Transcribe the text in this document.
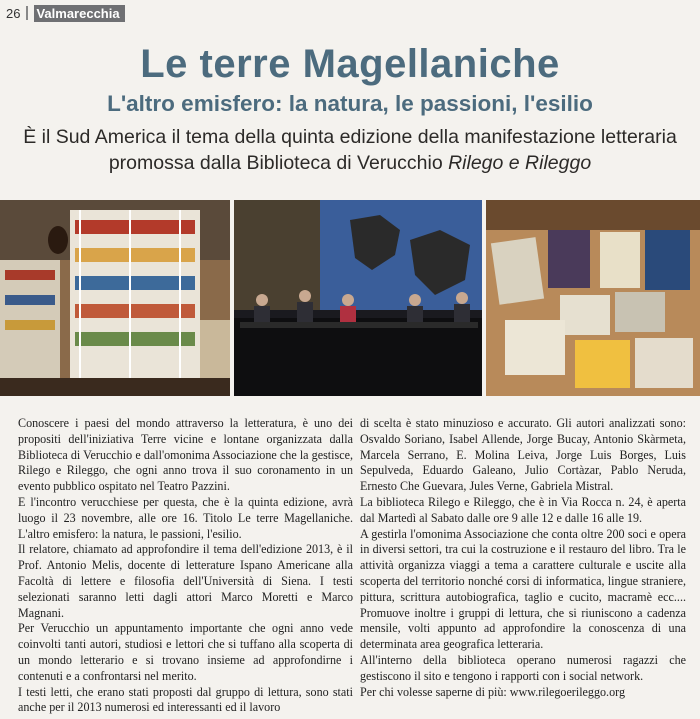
26 Valmarecchia
Le terre Magellaniche
L'altro emisfero: la natura, le passioni, l'esilio
È il Sud America il tema della quinta edizione della manifestazione letteraria promossa dalla Biblioteca di Verucchio Rilego e Rileggo

Conoscere i paesi del mondo attraverso la letteratura, è uno dei propositi dell'iniziativa Terre vicine e lontane organizzata dalla Biblioteca di Verucchio e dall'omonima Associazione che la gestisce, Rilego e Rileggo, che ogni anno trova il suo coronamento in un evento pubblico ospitato nel Teatro Pazzini.

E l'incontro verucchiese per questa, che è la quinta edizione, avrà luogo il 23 novembre, alle ore 16. Titolo Le terre Magellaniche. L'altro emisfero: la natura, le passioni, l'esilio.

Il relatore, chiamato ad approfondire il tema dell'edizione 2013, è il Prof. Antonio Melis, docente di letterature Ispano Americane alla Facoltà di lettere e filosofia dell'Università di Siena. I testi selezionati saranno letti dagli attori Marco Moretti e Marco Magnani.

Per Verucchio un appuntamento importante che ogni anno vede coinvolti tanti autori, studiosi e lettori che si tuffano alla scoperta di un mondo letterario e si trovano insieme ad approfondirne i contenuti e a confrontarsi nel merito.

I testi letti, che erano stati proposti dal gruppo di lettura, sono stati anche per il 2013 numerosi ed interessanti ed il lavoro

di scelta è stato minuzioso e accurato. Gli autori analizzati sono: Osvaldo Soriano, Isabel Allende, Jorge Bucay, Antonio Skàrmeta, Marcela Serrano, E. Molina Leiva, Jorge Luis Borges, Luis Sepulveda, Eduardo Galeano, Julio Cortàzar, Pablo Neruda, Ernesto Che Guevara, Jules Verne, Gabriela Mistral.

La biblioteca Rilego e Rileggo, che è in Via Rocca n. 24, è aperta dal Martedì al Sabato dalle ore 9 alle 12 e dalle 16 alle 19.

A gestirla l'omonima Associazione che conta oltre 200 soci e opera in diversi settori, tra cui la costruzione e il restauro del libro. Tra le attività organizza viaggi a tema a carattere culturale e uscite alla scoperta del territorio nonché corsi di informatica, lingue straniere, pittura, scrittura autobiografica, taglio e cucito, macramè ecc.... Promuove inoltre i gruppi di lettura, che si riuniscono a cadenza mensile, volti appunto ad approfondire la conoscenza di una determinata area geografica letteraria.

All'interno della biblioteca operano numerosi ragazzi che gestiscono il sito e tengono i rapporti con i social network.

Per chi volesse saperne di più: www.rilegoerileggo.org
